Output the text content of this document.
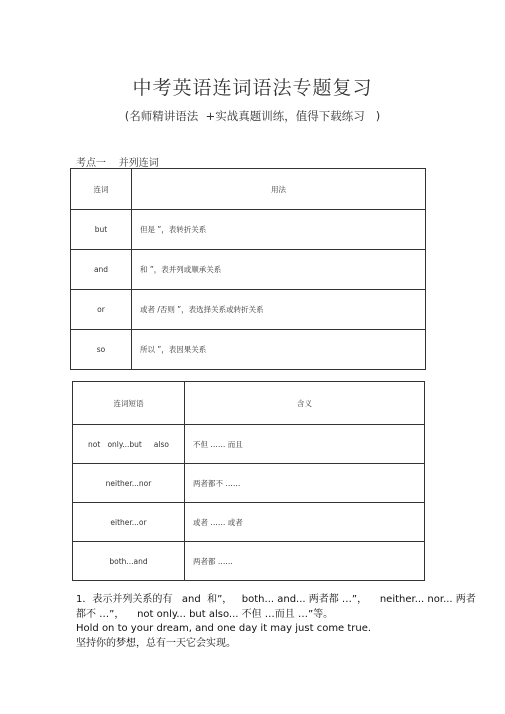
中考英语连词语法专题复习
(名师精讲语法  +实战真题训练，值得下载练习   )
考点一    并列连词
连词	用法
but	但是 ”，表转折关系
and	和 ”，表并列或顺承关系
or	或者 /否则 ”，表选择关系或转折关系
so	所以 ”，表因果关系
连词短语	含义
not   only...but     also	不但 …… 而且
neither...nor	两者都不 ……
either...or	或者 …… 或者
both...and	两者都 ……
1．表示并列关系的有   and  和”，   both... and... 两者都 …”，    neither... nor... 两者
都不 …”，    not only... but also... 不但 …而且 …”等。
Hold on to your dream, and one day it may just come true.
坚持你的梦想，总有一天它会实现。
